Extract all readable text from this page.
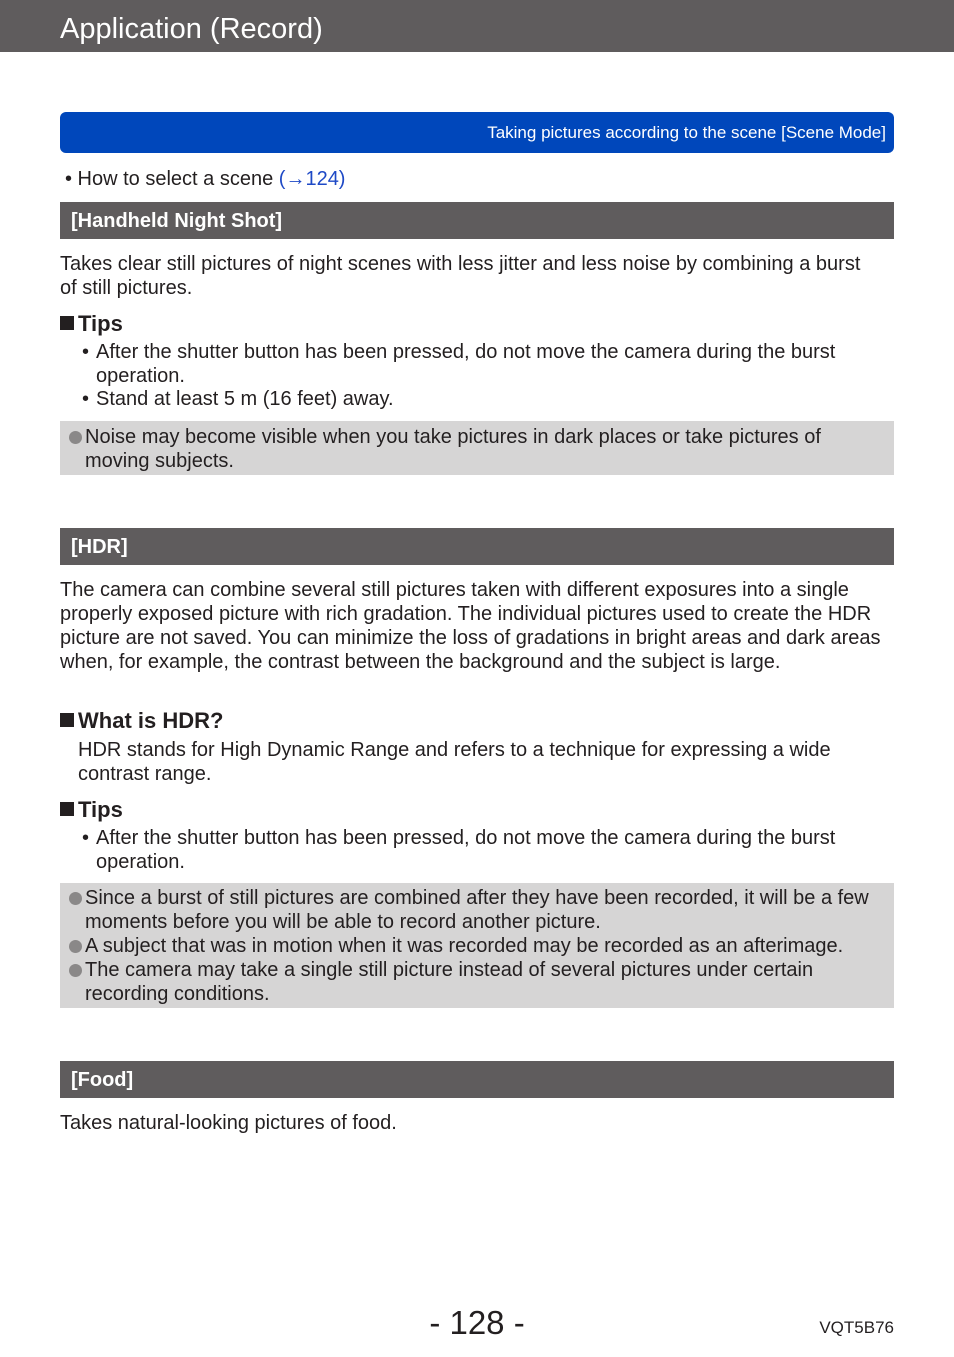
Application (Record)
Taking pictures according to the scene [Scene Mode]
• How to select a scene (→124)
[Handheld Night Shot]
Takes clear still pictures of night scenes with less jitter and less noise by combining a burst of still pictures.
Tips
• After the shutter button has been pressed, do not move the camera during the burst operation.
• Stand at least 5 m (16 feet) away.
Noise may become visible when you take pictures in dark places or take pictures of moving subjects.
[HDR]
The camera can combine several still pictures taken with different exposures into a single properly exposed picture with rich gradation. The individual pictures used to create the HDR picture are not saved. You can minimize the loss of gradations in bright areas and dark areas when, for example, the contrast between the background and the subject is large.
What is HDR?
HDR stands for High Dynamic Range and refers to a technique for expressing a wide contrast range.
Tips
• After the shutter button has been pressed, do not move the camera during the burst operation.
Since a burst of still pictures are combined after they have been recorded, it will be a few moments before you will be able to record another picture.
A subject that was in motion when it was recorded may be recorded as an afterimage.
The camera may take a single still picture instead of several pictures under certain recording conditions.
[Food]
Takes natural-looking pictures of food.
- 128 -	VQT5B76
